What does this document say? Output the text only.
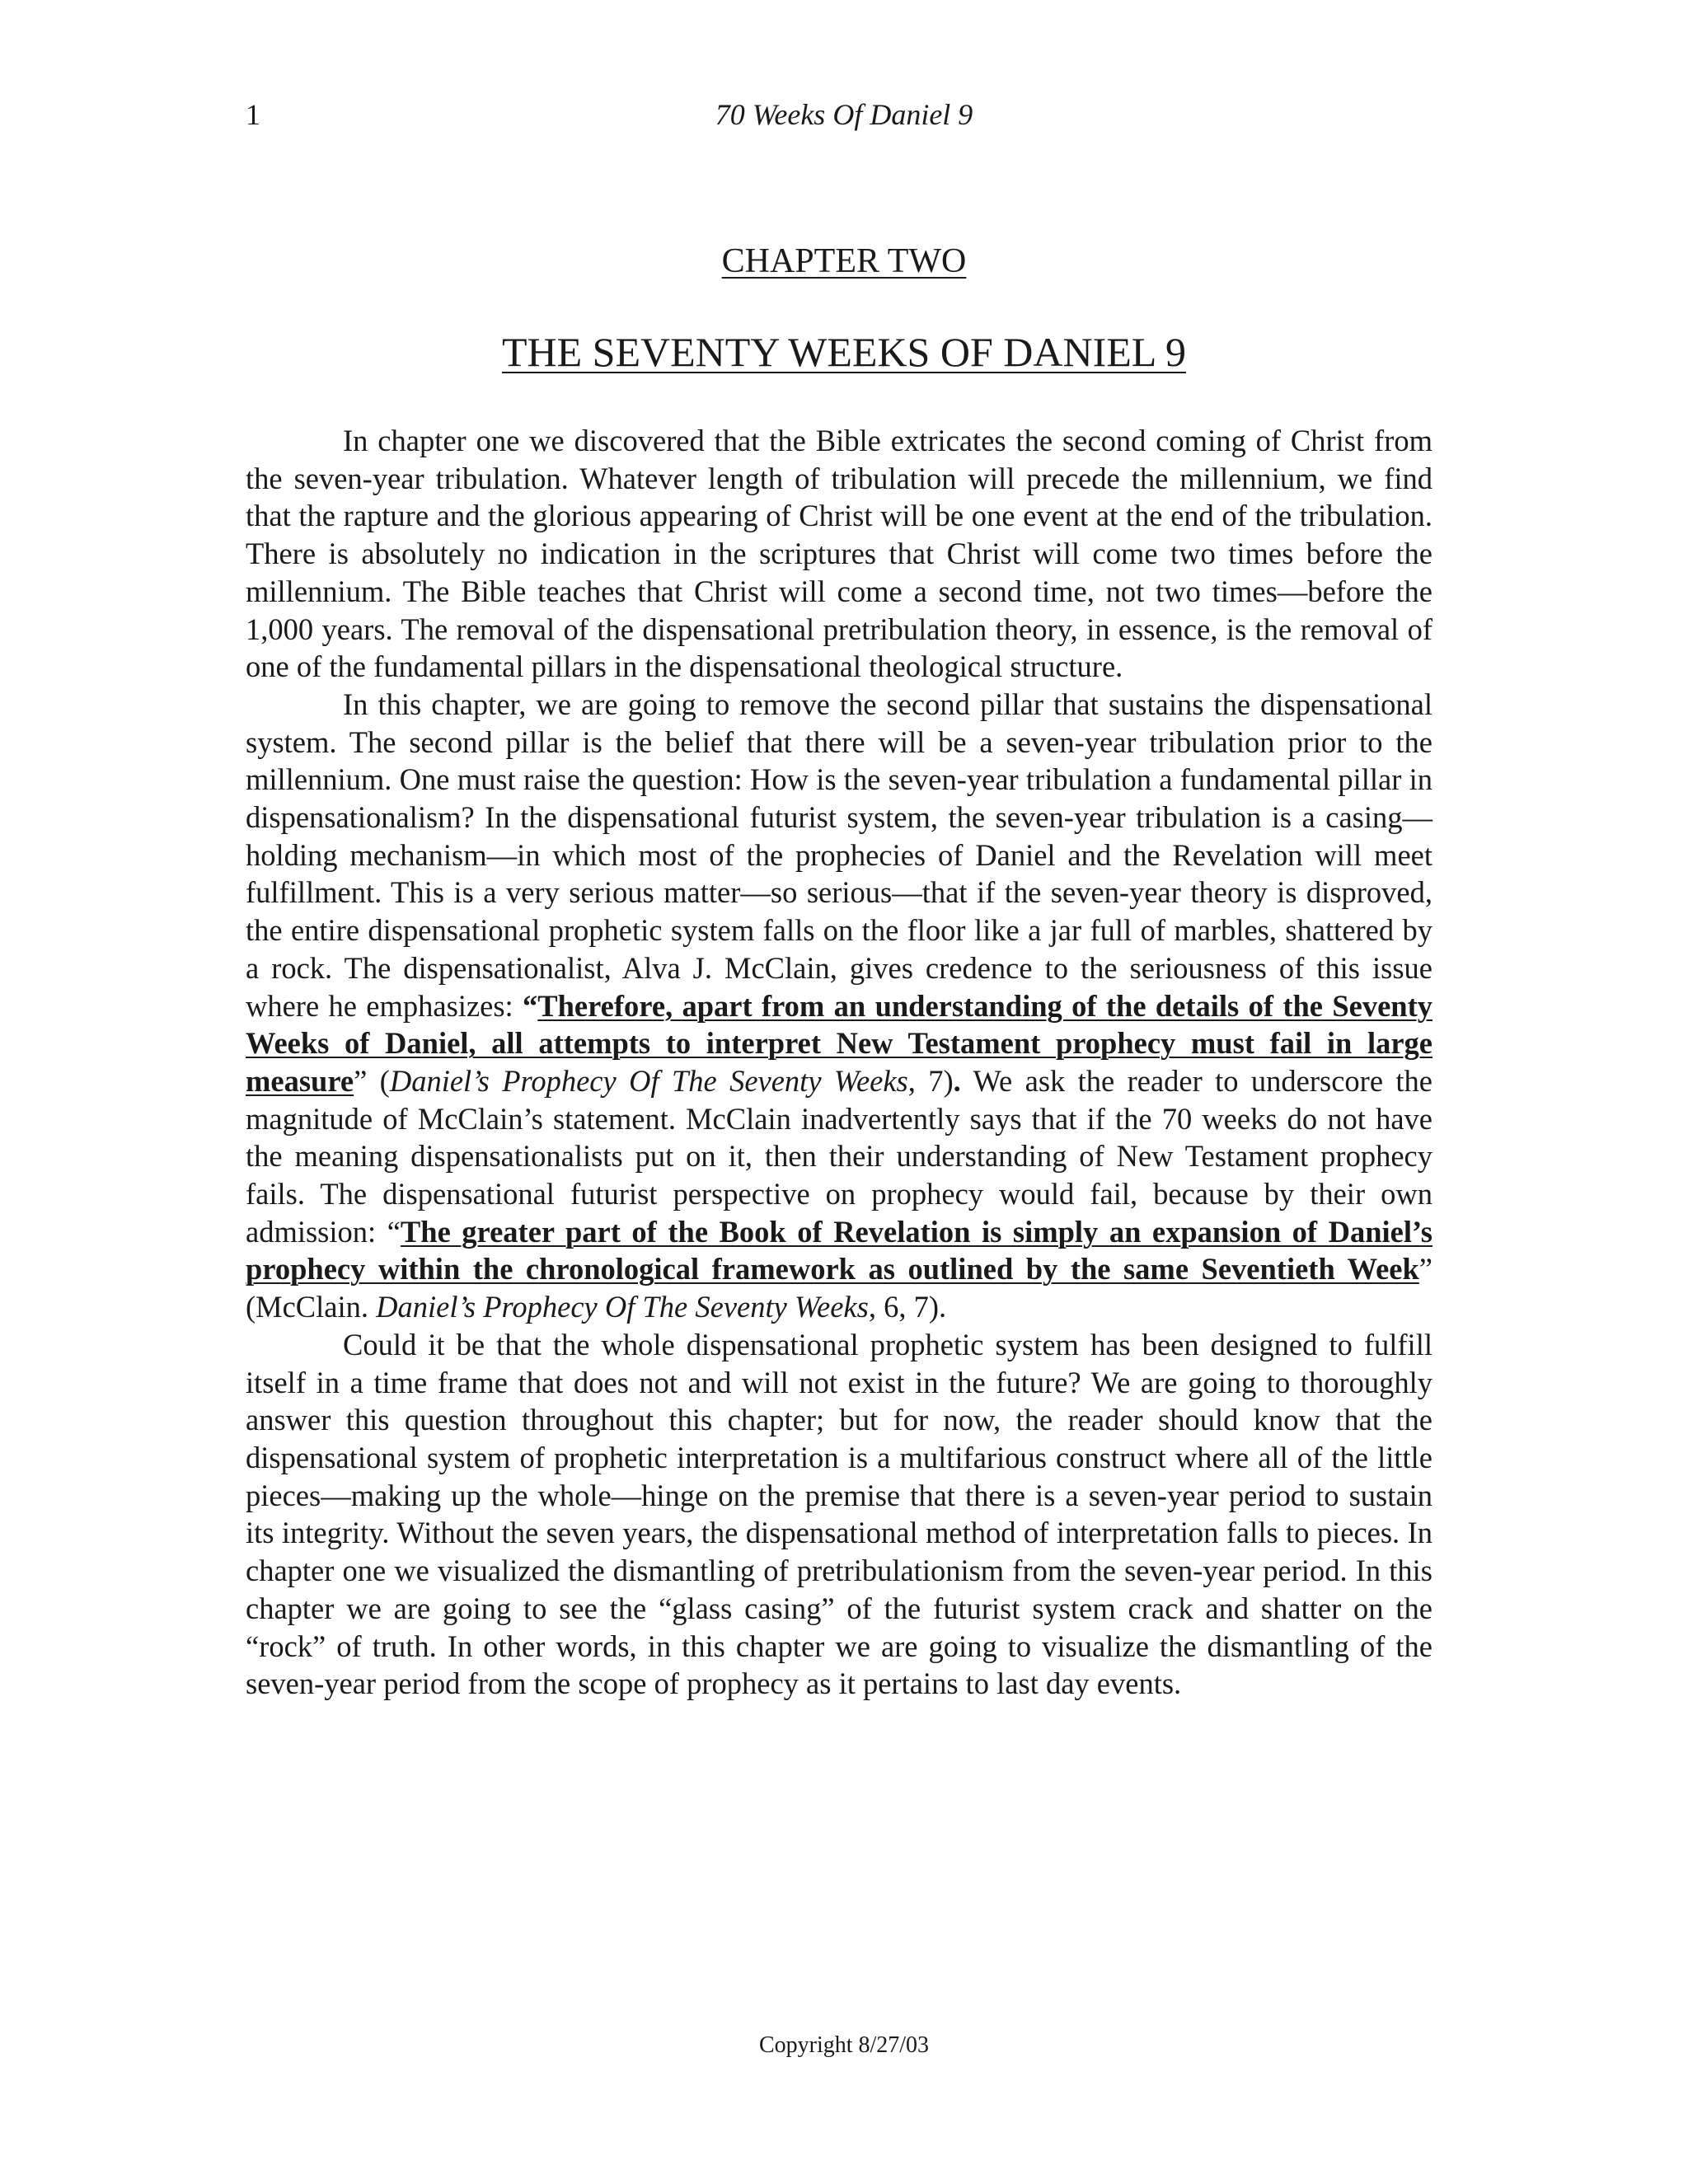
1	70 Weeks Of Daniel 9
CHAPTER TWO
THE SEVENTY WEEKS OF DANIEL 9

In chapter one we discovered that the Bible extricates the second coming of Christ from the seven-year tribulation. Whatever length of tribulation will precede the millennium, we find that the rapture and the glorious appearing of Christ will be one event at the end of the tribulation. There is absolutely no indication in the scriptures that Christ will come two times before the millennium. The Bible teaches that Christ will come a second time, not two times—before the 1,000 years. The removal of the dispensational pretribulation theory, in essence, is the removal of one of the fundamental pillars in the dispensational theological structure.

In this chapter, we are going to remove the second pillar that sustains the dispensational system. The second pillar is the belief that there will be a seven-year tribulation prior to the millennium. One must raise the question: How is the seven-year tribulation a fundamental pillar in dispensationalism? In the dispensational futurist system, the seven-year tribulation is a casing—holding mechanism—in which most of the prophecies of Daniel and the Revelation will meet fulfillment. This is a very serious matter—so serious—that if the seven-year theory is disproved, the entire dispensational prophetic system falls on the floor like a jar full of marbles, shattered by a rock. The dispensationalist, Alva J. McClain, gives credence to the seriousness of this issue where he emphasizes: “Therefore, apart from an understanding of the details of the Seventy Weeks of Daniel, all attempts to interpret New Testament prophecy must fail in large measure” (Daniel’s Prophecy Of The Seventy Weeks, 7). We ask the reader to underscore the magnitude of McClain’s statement. McClain inadvertently says that if the 70 weeks do not have the meaning dispensationalists put on it, then their understanding of New Testament prophecy fails. The dispensational futurist perspective on prophecy would fail, because by their own admission: “The greater part of the Book of Revelation is simply an expansion of Daniel’s prophecy within the chronological framework as outlined by the same Seventieth Week” (McClain. Daniel’s Prophecy Of The Seventy Weeks, 6, 7).

Could it be that the whole dispensational prophetic system has been designed to fulfill itself in a time frame that does not and will not exist in the future? We are going to thoroughly answer this question throughout this chapter; but for now, the reader should know that the dispensational system of prophetic interpretation is a multifarious construct where all of the little pieces—making up the whole—hinge on the premise that there is a seven-year period to sustain its integrity. Without the seven years, the dispensational method of interpretation falls to pieces. In chapter one we visualized the dismantling of pretribulationism from the seven-year period. In this chapter we are going to see the “glass casing” of the futurist system crack and shatter on the “rock” of truth. In other words, in this chapter we are going to visualize the dismantling of the seven-year period from the scope of prophecy as it pertains to last day events.

Copyright 8/27/03
